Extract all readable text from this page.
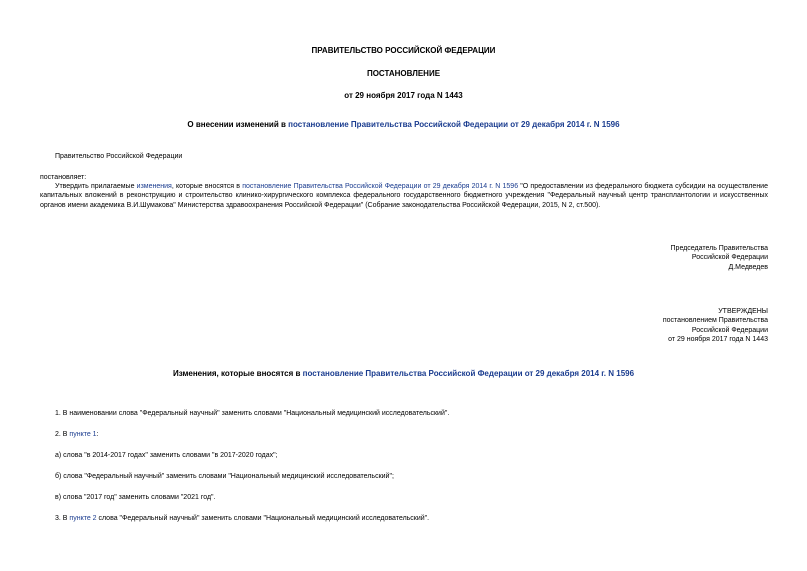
ПРАВИТЕЛЬСТВО РОССИЙСКОЙ ФЕДЕРАЦИИ
ПОСТАНОВЛЕНИЕ
от 29 ноября 2017 года N 1443
О внесении изменений в постановление Правительства Российской Федерации от 29 декабря 2014 г. N 1596
Правительство Российской Федерации
постановляет:
Утвердить прилагаемые изменения, которые вносятся в постановление Правительства Российской Федерации от 29 декабря 2014 г. N 1596 "О предоставлении из федерального бюджета субсидии на осуществление капитальных вложений в реконструкцию и строительство клинико-хирургического комплекса федерального государственного бюджетного учреждения "Федеральный научный центр трансплантологии и искусственных органов имени академика В.И.Шумакова" Министерства здравоохранения Российской Федерации" (Собрание законодательства Российской Федерации, 2015, N 2, ст.500).
Председатель Правительства
Российской Федерации
Д.Медведев
УТВЕРЖДЕНЫ
постановлением Правительства
Российской Федерации
от 29 ноября 2017 года N 1443
Изменения, которые вносятся в постановление Правительства Российской Федерации от 29 декабря 2014 г. N 1596
1. В наименовании слова "Федеральный научный" заменить словами "Национальный медицинский исследовательский".
2. В пункте 1:
а) слова "в 2014-2017 годах" заменить словами "в 2017-2020 годах";
б) слова "Федеральный научный" заменить словами "Национальный медицинский исследовательский";
в) слова "2017 год" заменить словами "2021 год".
3. В пункте 2 слова "Федеральный научный" заменить словами "Национальный медицинский исследовательский".
